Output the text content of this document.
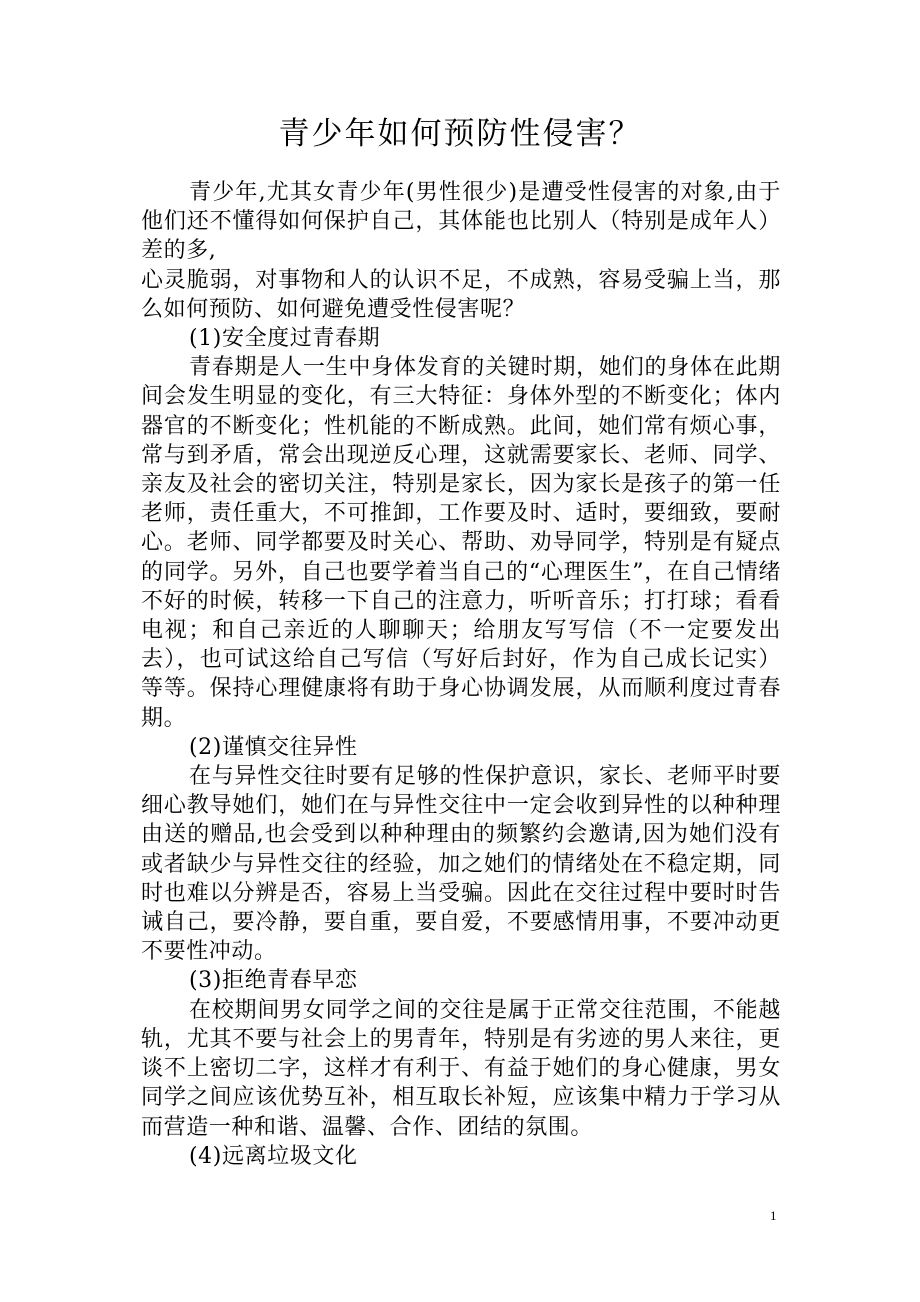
青少年如何预防性侵害？

青少年,尤其女青少年(男性很少)是遭受性侵害的对象,由于他们还不懂得如何保护自己，其体能也比别人（特别是成年人）差的多,

心灵脆弱，对事物和人的认识不足，不成熟，容易受骗上当，那么如何预防、如何避免遭受性侵害呢？

(1)安全度过青春期

青春期是人一生中身体发育的关键时期，她们的身体在此期间会发生明显的变化，有三大特征：身体外型的不断变化；体内器官的不断变化；性机能的不断成熟。此间，她们常有烦心事，常与到矛盾，常会出现逆反心理，这就需要家长、老师、同学、亲友及社会的密切关注，特别是家长，因为家长是孩子的第一任老师，责任重大，不可推卸，工作要及时、适时，要细致，要耐心。老师、同学都要及时关心、帮助、劝导同学，特别是有疑点的同学。另外，自己也要学着当自己的“心理医生”，在自己情绪不好的时候，转移一下自己的注意力，听听音乐；打打球；看看电视；和自己亲近的人聊聊天；给朋友写写信（不一定要发出去），也可试这给自己写信（写好后封好，作为自己成长记实）等等。保持心理健康将有助于身心协调发展，从而顺利度过青春期。

(2)谨慎交往异性

在与异性交往时要有足够的性保护意识，家长、老师平时要细心教导她们，她们在与异性交往中一定会收到异性的以种种理由送的赠品,也会受到以种种理由的频繁约会邀请,因为她们没有或者缺少与异性交往的经验，加之她们的情绪处在不稳定期，同时也难以分辨是否，容易上当受骗。因此在交往过程中要时时告诫自己，要冷静，要自重，要自爱，不要感情用事，不要冲动更不要性冲动。

(3)拒绝青春早恋

在校期间男女同学之间的交往是属于正常交往范围，不能越轨，尤其不要与社会上的男青年，特别是有劣迹的男人来往，更谈不上密切二字，这样才有利于、有益于她们的身心健康，男女同学之间应该优势互补，相互取长补短，应该集中精力于学习从而营造一种和谐、温馨、合作、团结的氛围。

(4)远离垃圾文化

1
